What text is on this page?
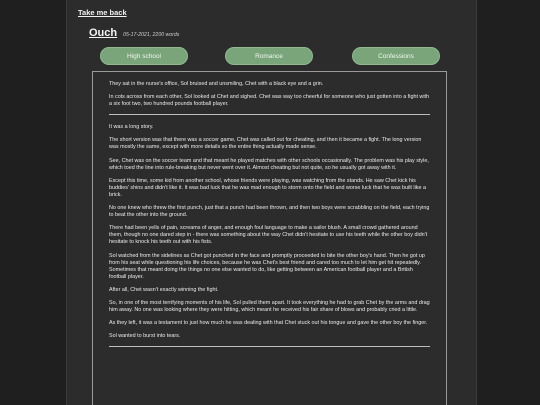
Take me back
Ouch 05-17-2021, 2200 words
High school	Romance	Confessions

They sat in the nurse's office, Sol bruised and unsmiling, Chet with a black eye and a grin.

In cots across from each other, Sol looked at Chet and sighed. Chet was way too cheerful for someone who just gotten into a fight with a six foot two, two hundred pounds football player.

It was a long story.

The short version was that there was a soccer game, Chet was called out for cheating, and then it became a fight. The long version was mostly the same, except with more details so the entire thing actually made sense.

See, Chet was on the soccer team and that meant he played matches with other schools occasionally. The problem was his play style, which toed the line into rule-breaking but never went over it. Almost cheating but not quite, so he usually got away with it.

Except this time, some kid from another school, whose friends were playing, was watching from the stands. He saw Chet kick his buddies' shins and didn't like it. It was bad luck that he was mad enough to storm onto the field and worse luck that he was built like a brick.

No one knew who threw the first punch, just that a punch had been thrown, and then two boys were scrabbling on the field, each trying to beat the other into the ground.

There had been yells of pain, screams of anger, and enough foul language to make a sailor blush. A small crowd gathered around them, though no one dared step in - there was something about the way Chet didn't hesitate to use his teeth while the other boy didn't hesitate to knock his teeth out with his fists.

Sol watched from the sidelines as Chet got punched in the face and promptly proceeded to bite the other boy's hand. Then he got up from his seat while questioning his life choices, because he was Chet's best friend and cared too much to let him get hit repeatedly. Sometimes that meant doing the things no one else wanted to do, like getting between an American football player and a British football player.

After all, Chet wasn't exactly winning the fight.

So, in one of the most terrifying moments of his life, Sol pulled them apart. It took everything he had to grab Chet by the arms and drag him away. No one was looking where they were hitting, which meant he received his fair share of blows and probably cried a little.

As they left, it was a testament to just how much he was dealing with that Chet stuck out his tongue and gave the other boy the finger.

Sol wanted to burst into tears.
